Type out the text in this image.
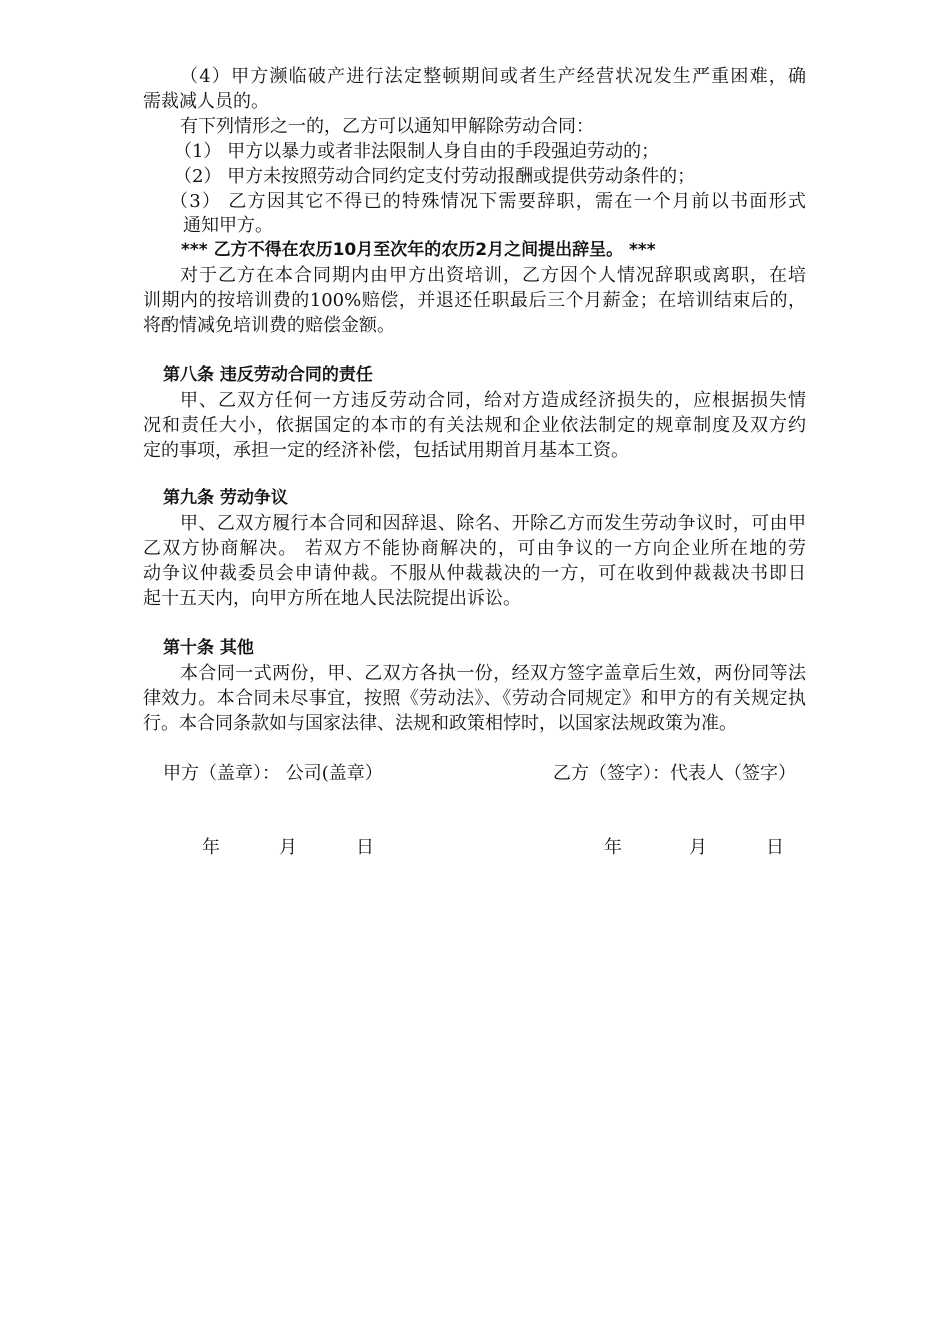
（4）甲方濒临破产进行法定整顿期间或者生产经营状况发生严重困难，确
需裁减人员的。
有下列情形之一的，乙方可以通知甲解除劳动合同：
（1） 甲方以暴力或者非法限制人身自由的手段强迫劳动的；
（2） 甲方未按照劳动合同约定支付劳动报酬或提供劳动条件的；
（3） 乙方因其它不得已的特殊情况下需要辞职，需在一个月前以书面形式
通知甲方。
*** 乙方不得在农历10月至次年的农历2月之间提出辞呈。 ***
对于乙方在本合同期内由甲方出资培训，乙方因个人情况辞职或离职，在培
训期内的按培训费的100%赔偿，并退还任职最后三个月薪金；在培训结束后的，
将酌情减免培训费的赔偿金额。
第八条 违反劳动合同的责任
甲、乙双方任何一方违反劳动合同，给对方造成经济损失的，应根据损失情
况和责任大小，依据国定的本市的有关法规和企业依法制定的规章制度及双方约
定的事项，承担一定的经济补偿，包括试用期首月基本工资。
第九条 劳动争议
甲、乙双方履行本合同和因辞退、除名、开除乙方而发生劳动争议时，可由甲
乙双方协商解决。 若双方不能协商解决的，可由争议的一方向企业所在地的劳
动争议仲裁委员会申请仲裁。不服从仲裁裁决的一方，可在收到仲裁裁决书即日
起十五天内，向甲方所在地人民法院提出诉讼。
第十条 其他
本合同一式两份，甲、乙双方各执一份，经双方签字盖章后生效，两份同等法
律效力。本合同未尽事宜，按照《劳动法》、《劳动合同规定》和甲方的有关规定执
行。本合同条款如与国家法律、法规和政策相悖时，以国家法规政策为准。
甲方（盖章）： 公司(盖章）	乙方（签字）：代表人（签字）
年	月	日	年	月	日
